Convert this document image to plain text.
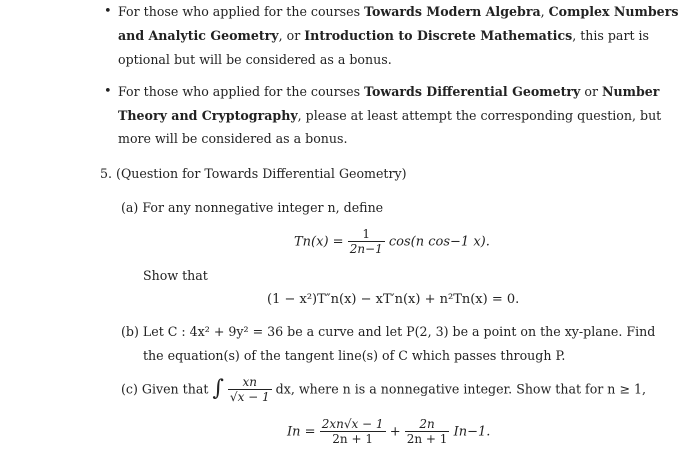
• For those who applied for the courses Towards Modern Algebra, Complex Numbers
and Analytic Geometry, or Introduction to Discrete Mathematics, this part is
optional but will be considered as a bonus.
• For those who applied for the courses Towards Differential Geometry or Number
Theory and Cryptography, please at least attempt the corresponding question, but
more will be considered as a bonus.
5. (Question for Towards Differential Geometry)
(a) For any nonnegative integer n, define
$Tn(x) = \frac{1}{2n-1} \cos(n$ cos−1 x).
Show that
(1 − x²)T″n(x) − xT′n(x) + n²Tn(x) = 0.
(b) Let C : 4x² + 9y² = 36 be a curve and let P(2, 3) be a point on the xy-plane. Find
the equation(s) of the tangent line(s) of C which passes through P.
(c) Given that ∫ $\frac{xn}{√x - 1}$ dx, where n is a nonnegative integer. Show that for n ≥ 1,
$In = \frac{2xn√x - 1}{2n + 1} + \frac{2n}{2n + 1} In-1$.
